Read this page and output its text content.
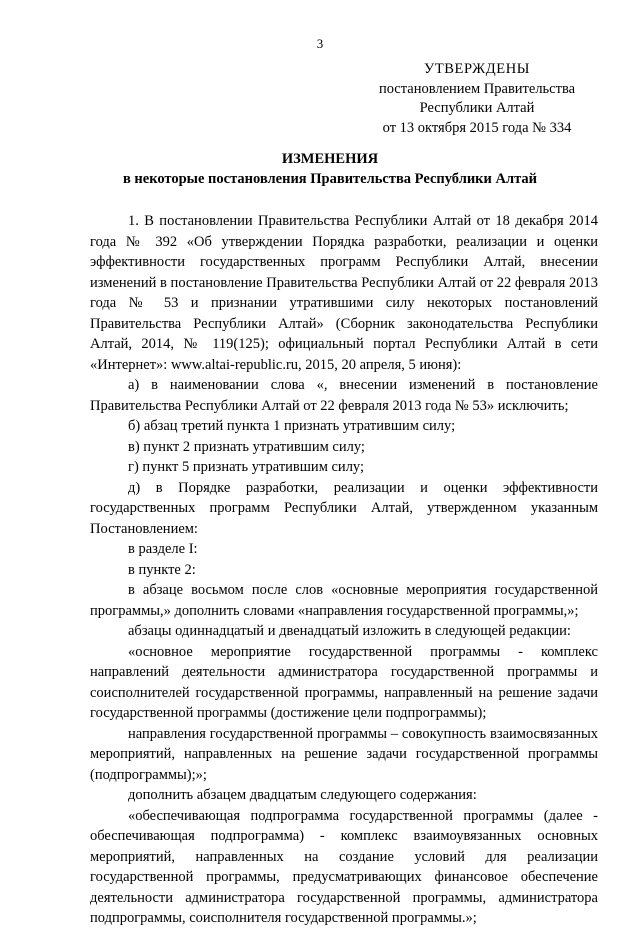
3
УТВЕРЖДЕНЫ
постановлением Правительства
Республики Алтай
от 13 октября 2015 года № 334
ИЗМЕНЕНИЯ
в некоторые постановления Правительства Республики Алтай

1. В постановлении Правительства Республики Алтай от 18 декабря 2014 года № 392 «Об утверждении Порядка разработки, реализации и оценки эффективности государственных программ Республики Алтай, внесении изменений в постановление Правительства Республики Алтай от 22 февраля 2013 года № 53 и признании утратившими силу некоторых постановлений Правительства Республики Алтай» (Сборник законодательства Республики Алтай, 2014, № 119(125); официальный портал Республики Алтай в сети «Интернет»: www.altai-republic.ru, 2015, 20 апреля, 5 июня):

а) в наименовании слова «, внесении изменений в постановление Правительства Республики Алтай от 22 февраля 2013 года № 53» исключить;

б) абзац третий пункта 1 признать утратившим силу;

в) пункт 2 признать утратившим силу;

г) пункт 5 признать утратившим силу;

д) в Порядке разработки, реализации и оценки эффективности государственных программ Республики Алтай, утвержденном указанным Постановлением:

в разделе I:

в пункте 2:

в абзаце восьмом после слов «основные мероприятия государственной программы,» дополнить словами «направления государственной программы,»;

абзацы одиннадцатый и двенадцатый изложить в следующей редакции:

«основное мероприятие государственной программы - комплекс направлений деятельности администратора государственной программы и соисполнителей государственной программы, направленный на решение задачи государственной программы (достижение цели подпрограммы);

направления государственной программы – совокупность взаимосвязанных мероприятий, направленных на решение задачи государственной программы (подпрограммы);»;

дополнить абзацем двадцатым следующего содержания:

«обеспечивающая подпрограмма государственной программы (далее - обеспечивающая подпрограмма) - комплекс взаимоувязанных основных мероприятий, направленных на создание условий для реализации государственной программы, предусматривающих финансовое обеспечение деятельности администратора государственной программы, администратора подпрограммы, соисполнителя государственной программы.»;
